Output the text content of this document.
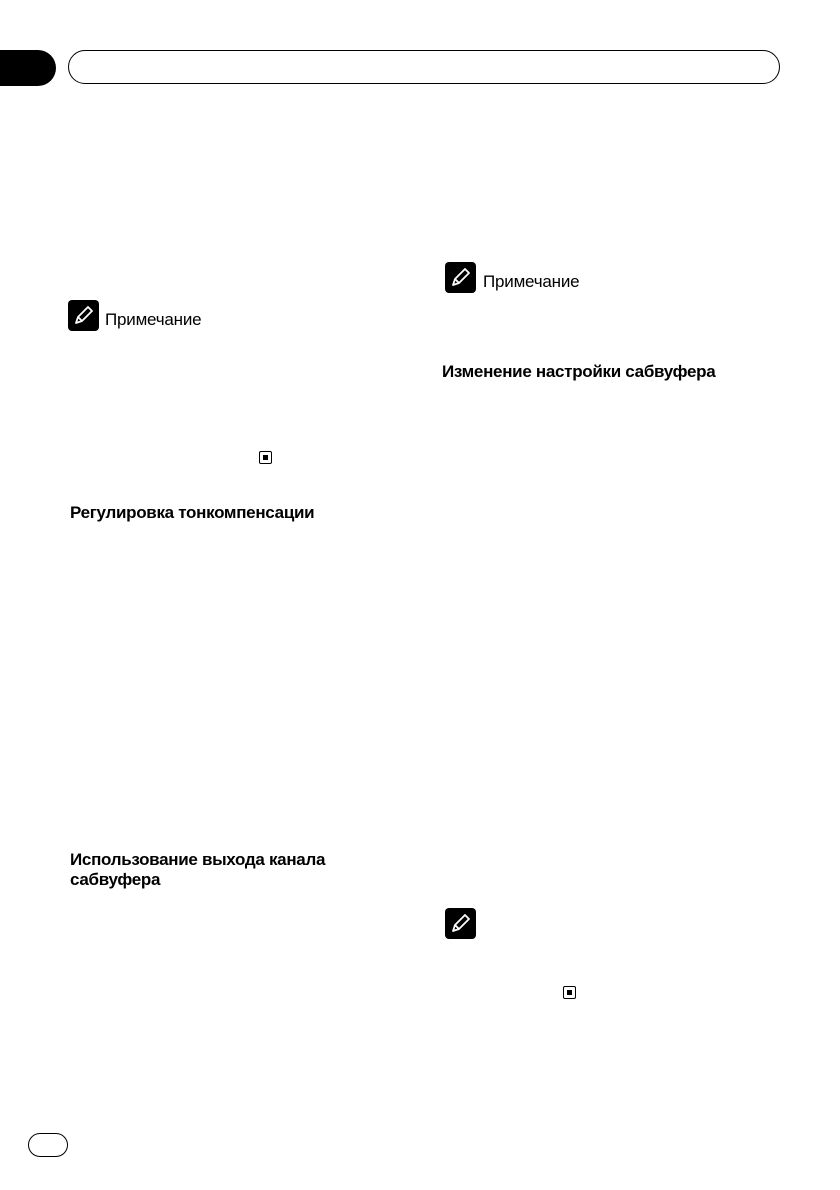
Примечание
Регулировка тонкомпенсации
Использование выхода канала
сабвуфера
Примечание
Изменение настройки сабвуфера
